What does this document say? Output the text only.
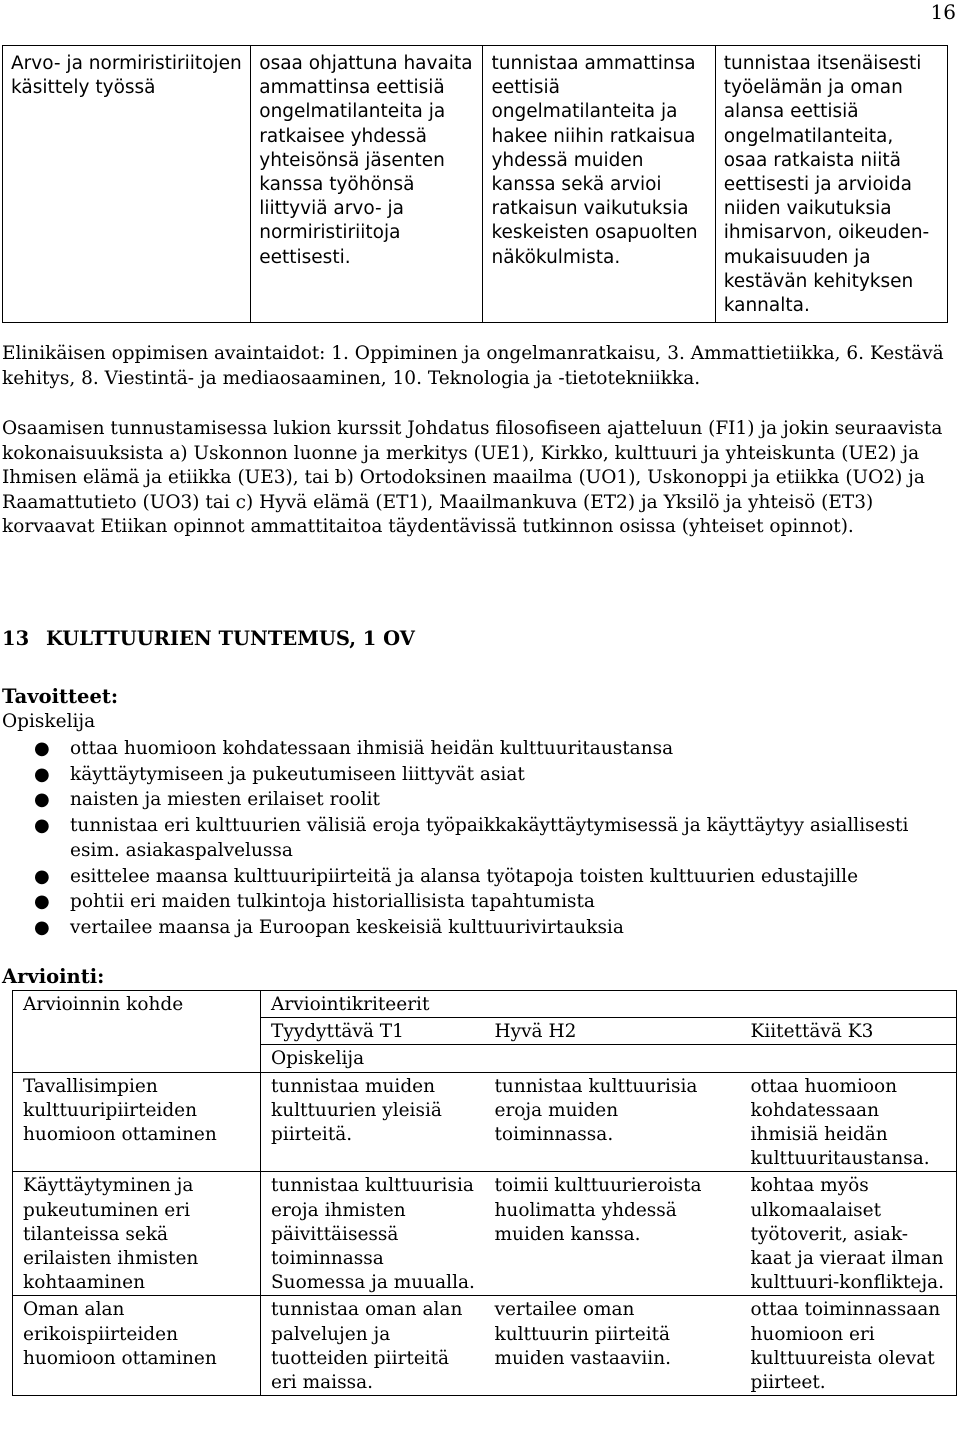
16
Arvo- ja normiristiriitojen käsittely työssä	osaa ohjattuna havaita ammattinsa eettisiä ongelmatilanteita ja ratkaisee yhdessä yhteisönsä jäsenten kanssa työhönsä liittyviä arvo- ja normiristiriitoja eettisesti.	tunnistaa ammattinsa eettisiä ongelmatilanteita ja hakee niihin ratkaisua yhdessä muiden kanssa sekä arvioi ratkaisun vaikutuksia keskeisten osapuolten näkökulmista.	tunnistaa itsenäisesti työelämän ja oman alansa eettisiä ongelmatilanteita, osaa ratkaista niitä eettisesti ja arvioida niiden vaikutuksia ihmisarvon, oikeuden-mukaisuuden ja kestävän kehityksen kannalta.
Elinikäisen oppimisen avaintaidot: 1. Oppiminen ja ongelmanratkaisu, 3. Ammattietiikka, 6. Kestävä kehitys, 8. Viestintä- ja mediaosaaminen, 10. Teknologia ja -tietotekniikka.
Osaamisen tunnustamisessa lukion kurssit Johdatus filosofiseen ajatteluun (FI1) ja jokin seuraavista kokonaisuuksista a) Uskonnon luonne ja merkitys (UE1), Kirkko, kulttuuri ja yhteiskunta (UE2) ja Ihmisen elämä ja etiikka (UE3), tai b) Ortodoksinen maailma (UO1), Uskonoppi ja etiikka (UO2) ja Raamattutieto (UO3) tai c) Hyvä elämä (ET1), Maailmankuva (ET2) ja Yksilö ja yhteisö (ET3) korvaavat Etiikan opinnot ammattitaitoa täydentävissä tutkinnon osissa (yhteiset opinnot).
13 KULTTUURIEN TUNTEMUS, 1 OV
Tavoitteet:
Opiskelija
● ottaa huomioon kohdatessaan ihmisiä heidän kulttuuritaustansa
● käyttäytymiseen ja pukeutumiseen liittyvät asiat
● naisten ja miesten erilaiset roolit
● tunnistaa eri kulttuurien välisiä eroja työpaikkakäyttäytymisessä ja käyttäytyy asiallisesti esim. asiakaspalvelussa
● esittelee maansa kulttuuripiirteitä ja alansa työtapoja toisten kulttuurien edustajille
● pohtii eri maiden tulkintoja historiallisista tapahtumista
● vertailee maansa ja Euroopan keskeisiä kulttuurivirtauksia
Arviointi:
Arvioinnin kohde	Arviointikriteerit		
	Tyydyttävä T1	Hyvä H2	Kiitettävä K3
	Opiskelija		
Tavallisimpien kulttuuripiirteiden huomioon ottaminen	tunnistaa muiden kulttuurien yleisiä piirteitä.	tunnistaa kulttuurisia eroja muiden toiminnassa.	ottaa huomioon kohdatessaan ihmisiä heidän kulttuuritaustansa.
Käyttäytyminen ja pukeutuminen eri tilanteissa sekä erilaisten ihmisten kohtaaminen	tunnistaa kulttuurisia eroja ihmisten päivittäisessä toiminnassa Suomessa ja muualla.	toimii kulttuurieroista huolimatta yhdessä muiden kanssa.	kohtaa myös ulkomaalaiset työtoverit, asiak-kaat ja vieraat ilman kulttuuri-konflikteja.
Oman alan erikoispiirteiden huomioon ottaminen	tunnistaa oman alan palvelujen ja tuotteiden piirteitä eri maissa.	vertailee oman kulttuurin piirteitä muiden vastaaviin.	ottaa toiminnassaan huomioon eri kulttuureista olevat piirteet.
